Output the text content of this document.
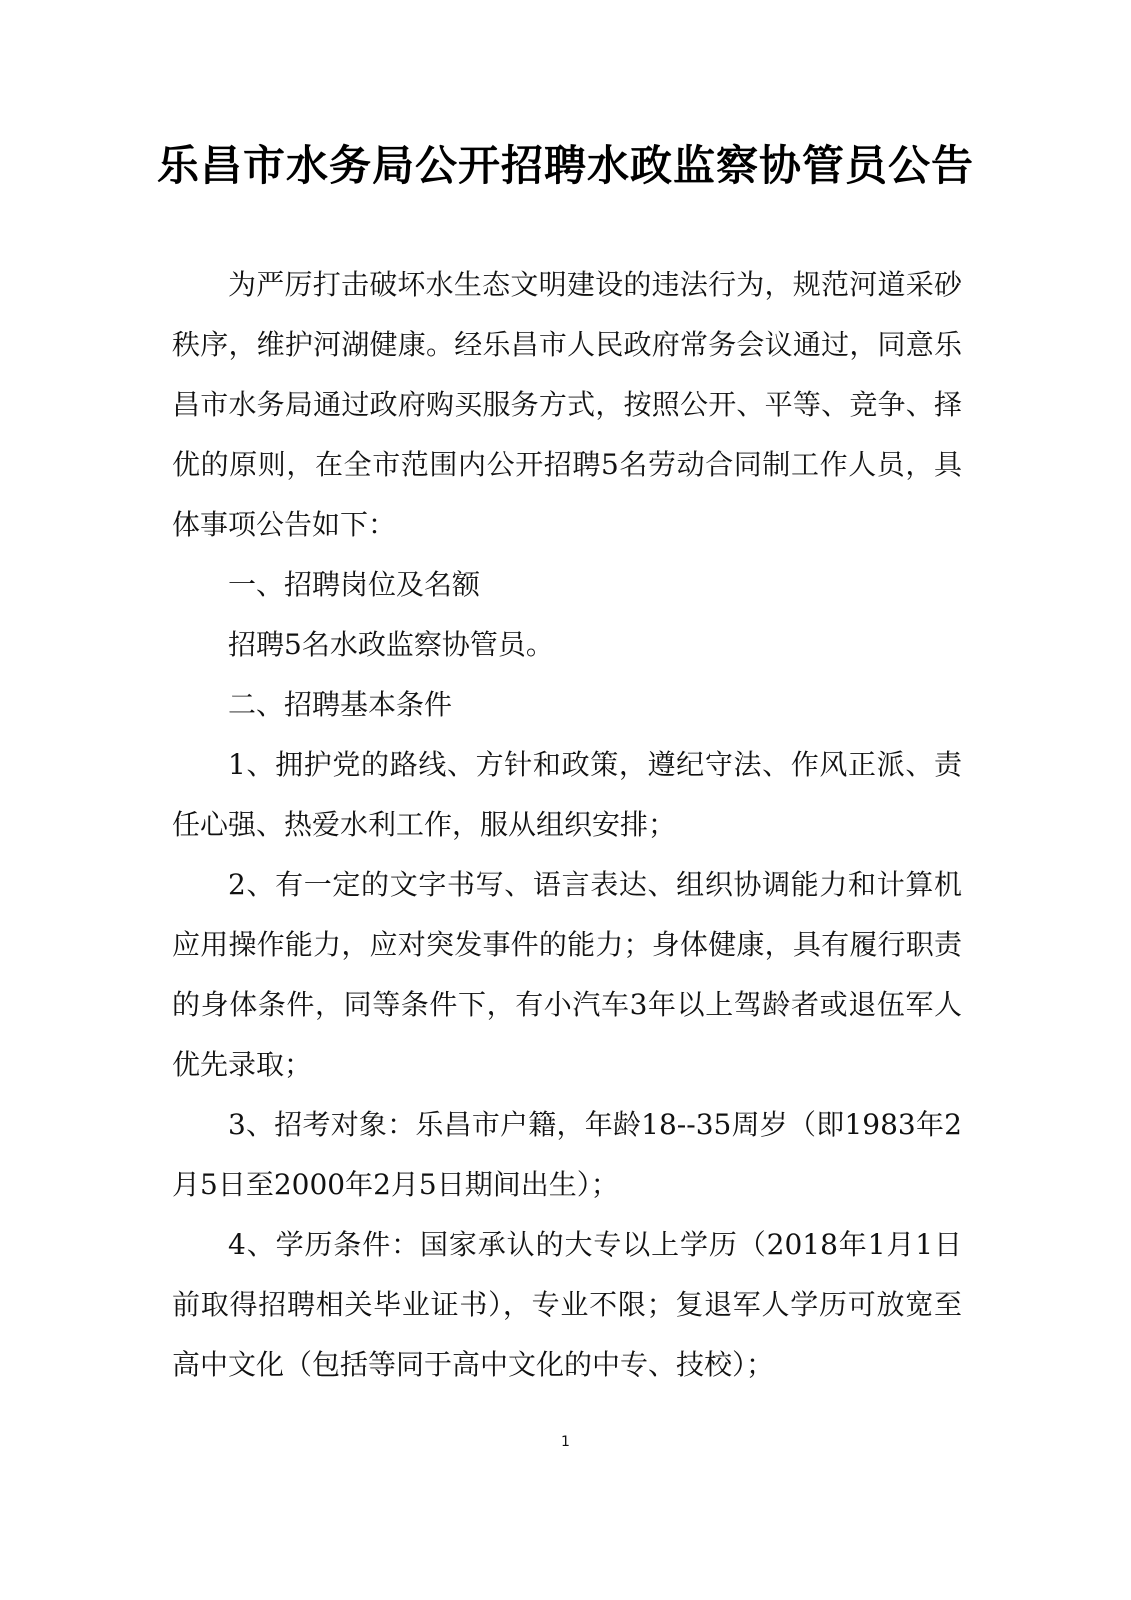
乐昌市水务局公开招聘水政监察协管员公告

为严厉打击破坏水生态文明建设的违法行为，规范河道采砂秩序，维护河湖健康。经乐昌市人民政府常务会议通过，同意乐昌市水务局通过政府购买服务方式，按照公开、平等、竞争、择优的原则，在全市范围内公开招聘5名劳动合同制工作人员，具体事项公告如下：

一、招聘岗位及名额

招聘5名水政监察协管员。

二、招聘基本条件

1、拥护党的路线、方针和政策，遵纪守法、作风正派、责任心强、热爱水利工作，服从组织安排；

2、有一定的文字书写、语言表达、组织协调能力和计算机应用操作能力，应对突发事件的能力；身体健康，具有履行职责的身体条件，同等条件下，有小汽车3年以上驾龄者或退伍军人优先录取；

3、招考对象：乐昌市户籍，年龄18--35周岁（即1983年2月5日至2000年2月5日期间出生）；

4、学历条件：国家承认的大专以上学历（2018年1月1日前取得招聘相关毕业证书），专业不限；复退军人学历可放宽至高中文化（包括等同于高中文化的中专、技校）；

1
